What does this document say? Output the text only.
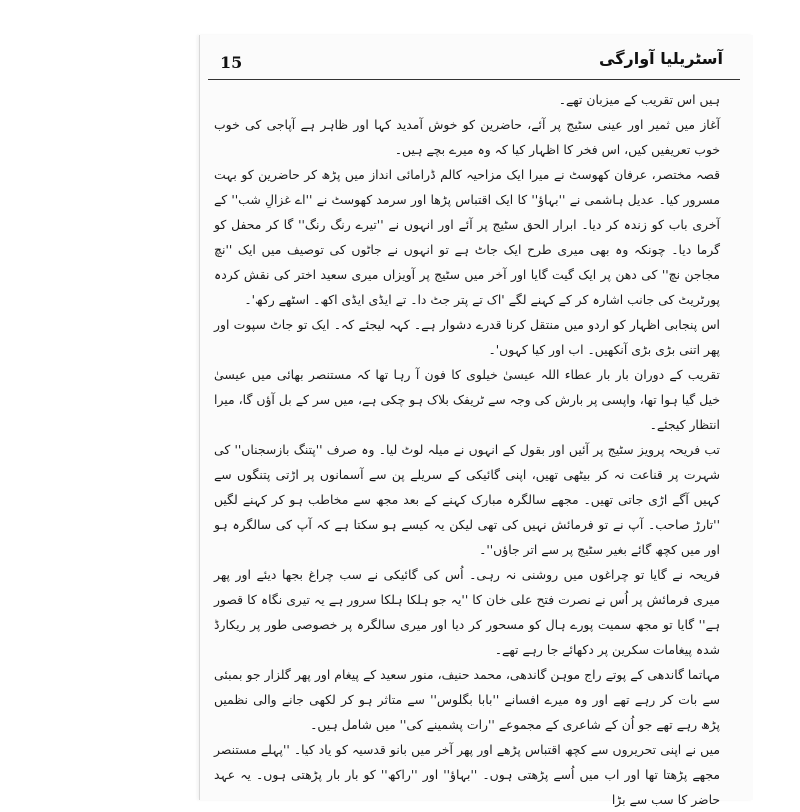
15	آسٹریلیا آوارگی

ہیں اس تقریب کے میزبان تھے۔

آغاز میں ثمیر اور عینی سٹیج پر آئے، حاضرین کو خوش آمدید کہا اور ظاہر ہے آپاجی کی خوب خوب تعریفیں کیں، اس فخر کا اظہار کیا کہ وہ میرے بچے ہیں۔

قصہ مختصر، عرفان کھوسٹ نے میرا ایک مزاحیہ کالم ڈرامائی انداز میں پڑھ کر حاضرین کو بہت مسرور کیا۔ عدیل ہاشمی نے ''بہاؤ'' کا ایک اقتباس پڑھا اور سرمد کھوسٹ نے ''اے غزالِ شب'' کے آخری باب کو زندہ کر دیا۔ ابرار الحق سٹیج پر آئے اور انہوں نے ''تیرے رنگ رنگ'' گا کر محفل کو گرما دیا۔ چونکہ وہ بھی میری طرح ایک جاٹ ہے تو انہوں نے جاٹوں کی توصیف میں ایک ''نچ مجاجن نچ'' کی دھن پر ایک گیت گایا اور آخر میں سٹیج پر آویزاں میری سعید اختر کی نقش کردہ پورٹریٹ کی جانب اشارہ کر کے کہنے لگے 'اک تے پتر جٹ دا۔ تے ایڈی ایڈی اکھ۔ اسٹھے رکھ'۔

اس پنجابی اظہار کو اردو میں منتقل کرنا قدرے دشوار ہے۔ کہہ لیجئے کہ۔ ایک تو جاٹ سپوت اور پھر اتنی بڑی بڑی آنکھیں۔ اب اور کیا کہوں'۔

تقریب کے دوران بار بار عطاء اللہ عیسیٰ خیلوی کا فون آ رہا تھا کہ مستنصر بھائی میں عیسیٰ خیل گیا ہوا تھا، واپسی پر بارش کی وجہ سے ٹریفک بلاک ہو چکی ہے، میں سر کے بل آؤں گا، میرا انتظار کیجئے۔

تب فریحہ پرویز سٹیج پر آئیں اور بقول کے انہوں نے میلہ لوٹ لیا۔ وہ صرف ''پتنگ بازسجناں'' کی شہرت پر قناعت نہ کر بیٹھی تھیں، اپنی گائیکی کے سریلے پن سے آسمانوں پر اڑتی پتنگوں سے کہیں آگے اڑی جاتی تھیں۔ مجھے سالگرہ مبارک کہنے کے بعد مجھ سے مخاطب ہو کر کہنے لگیں ''تارڑ صاحب۔ آپ نے تو فرمائش نہیں کی تھی لیکن یہ کیسے ہو سکتا ہے کہ آپ کی سالگرہ ہو اور میں کچھ گائے بغیر سٹیج پر سے اتر جاؤں''۔

فریحہ نے گایا تو چراغوں میں روشنی نہ رہی۔ اُس کی گائیکی نے سب چراغ بجھا دیئے اور پھر میری فرمائش پر اُس نے نصرت فتح علی خان کا ''یہ جو ہلکا ہلکا سرور ہے یہ تیری نگاہ کا قصور ہے'' گایا تو مجھ سمیت پورے ہال کو مسحور کر دیا اور میری سالگرہ پر خصوصی طور پر ریکارڈ شدہ پیغامات سکرین پر دکھائے جا رہے تھے۔

مہاتما گاندھی کے پوتے راج موہن گاندھی، محمد حنیف، منور سعید کے پیغام اور پھر گلزار جو بمبئی سے بات کر رہے تھے اور وہ میرے افسانے ''بابا بگلوس'' سے متاثر ہو کر لکھی جانے والی نظمیں پڑھ رہے تھے جو اُن کے شاعری کے مجموعے ''رات پشمینے کی'' میں شامل ہیں۔

میں نے اپنی تحریروں سے کچھ اقتباس پڑھے اور پھر آخر میں بانو قدسیہ کو یاد کیا۔ ''پہلے مستنصر مجھے پڑھتا تھا اور اب میں اُسے پڑھتی ہوں۔ ''بہاؤ'' اور ''راکھ'' کو بار بار پڑھتی ہوں۔ یہ عہد حاضر کا سب سے بڑا
